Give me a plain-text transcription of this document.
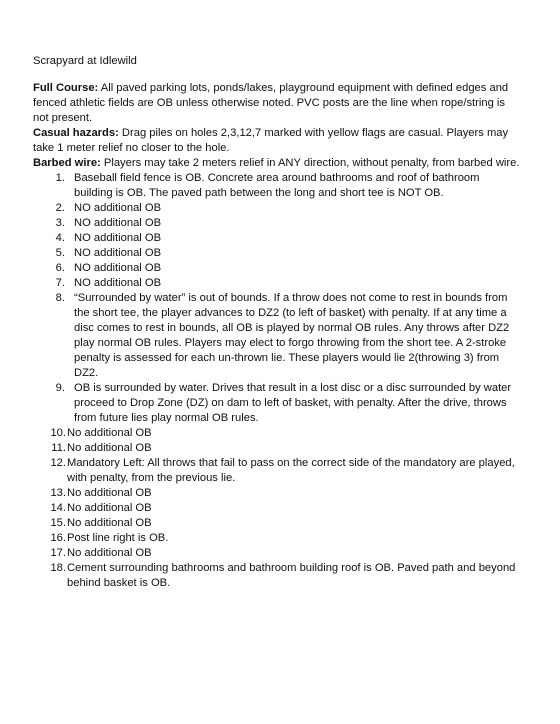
Scrapyard at Idlewild

Full Course: All paved parking lots, ponds/lakes, playground equipment with defined edges and fenced athletic fields are OB unless otherwise noted. PVC posts are the line when rope/string is not present.

Casual hazards: Drag piles on holes 2,3,12,7 marked with yellow flags are casual. Players may take 1 meter relief no closer to the hole.

Barbed wire: Players may take 2 meters relief in ANY direction, without penalty, from barbed wire.

1. Baseball field fence is OB. Concrete area around bathrooms and roof of bathroom building is OB. The paved path between the long and short tee is NOT OB.
2. NO additional OB
3. NO additional OB
4. NO additional OB
5. NO additional OB
6. NO additional OB
7. NO additional OB
8. “Surrounded by water” is out of bounds. If a throw does not come to rest in bounds from the short tee, the player advances to DZ2 (to left of basket) with penalty. If at any time a disc comes to rest in bounds, all OB is played by normal OB rules. Any throws after DZ2 play normal OB rules. Players may elect to forgo throwing from the short tee. A 2-stroke penalty is assessed for each un-thrown lie. These players would lie 2(throwing 3) from DZ2.
9. OB is surrounded by water. Drives that result in a lost disc or a disc surrounded by water proceed to Drop Zone (DZ) on dam to left of basket, with penalty. After the drive, throws from future lies play normal OB rules.
10. No additional OB
11. No additional OB
12. Mandatory Left: All throws that fail to pass on the correct side of the mandatory are played, with penalty, from the previous lie.
13. No additional OB
14. No additional OB
15. No additional OB
16. Post line right is OB.
17. No additional OB
18. Cement surrounding bathrooms and bathroom building roof is OB. Paved path and beyond behind basket is OB.
